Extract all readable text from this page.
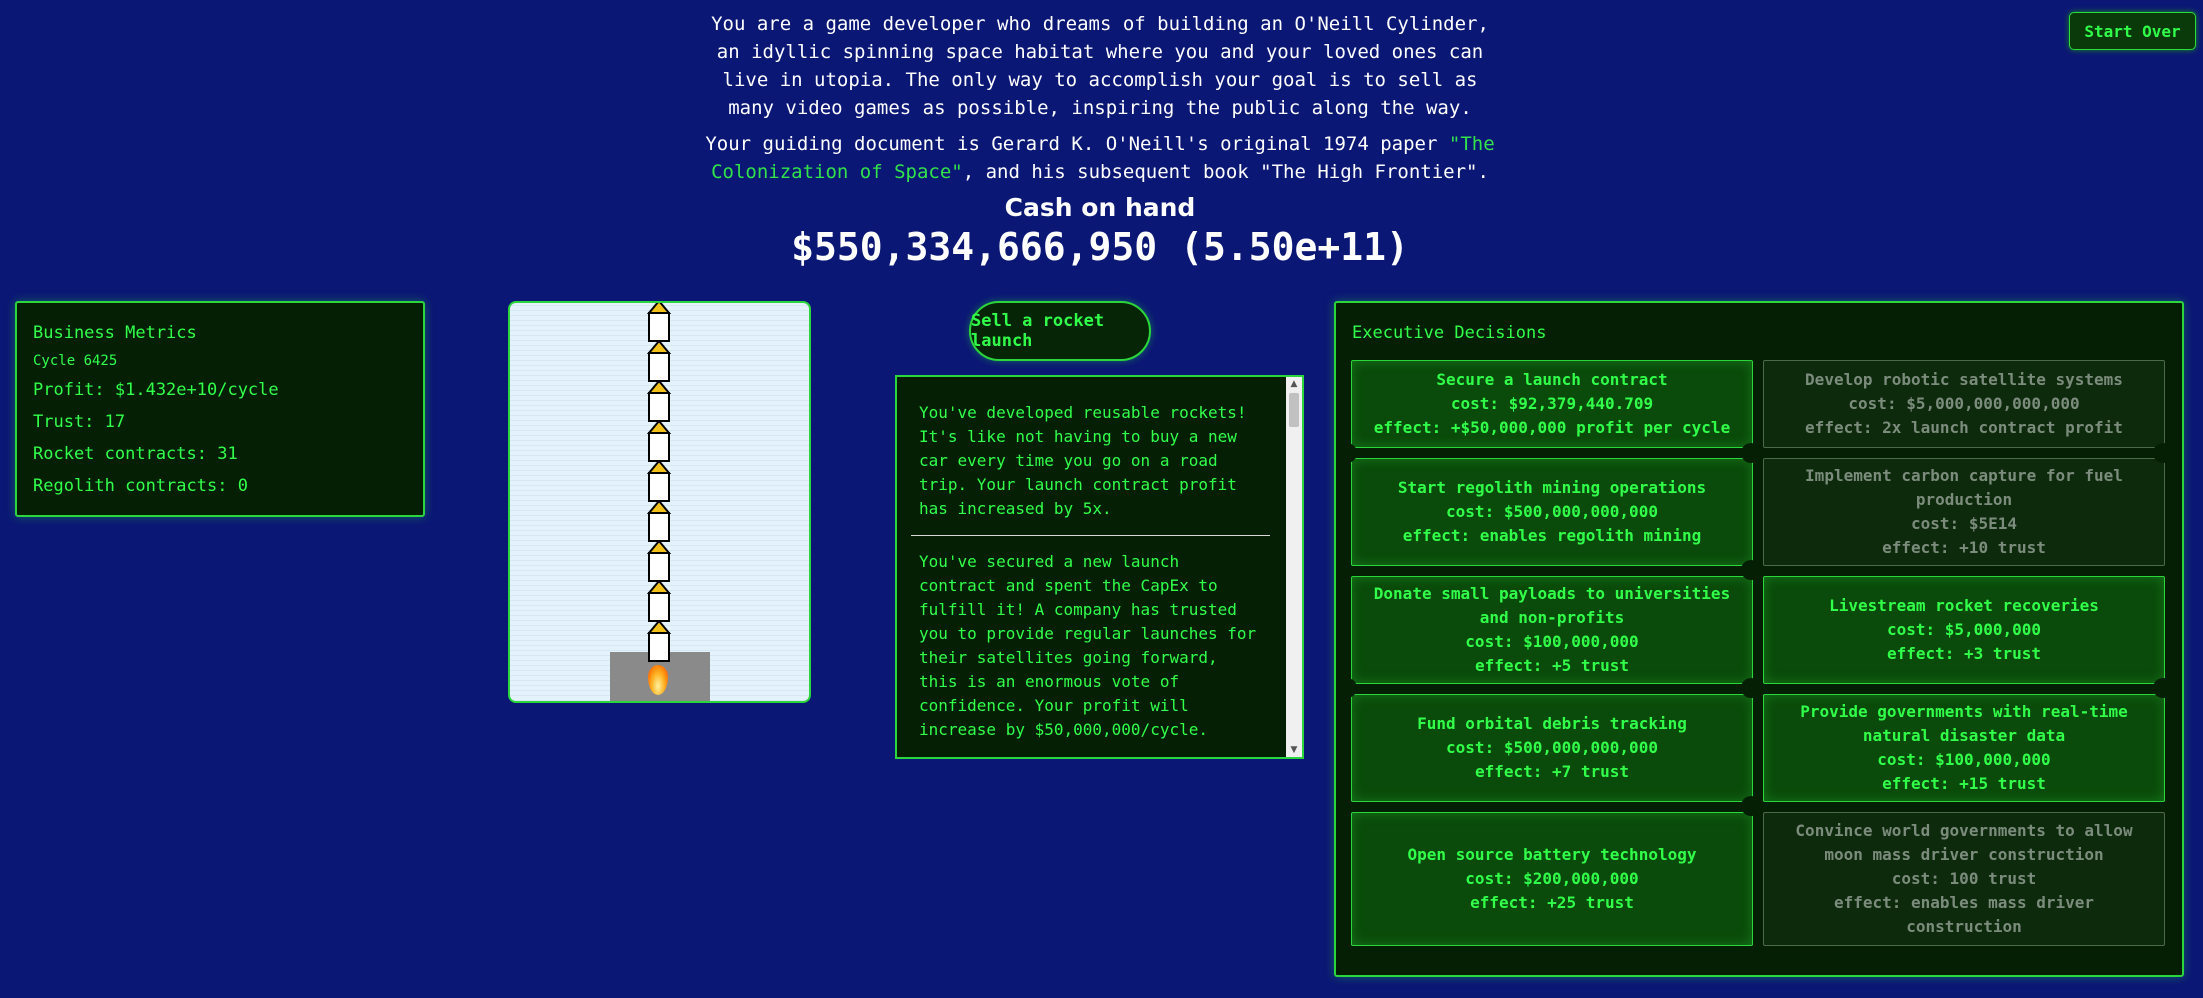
You are a game developer who dreams of building an O'Neill Cylinder, an idyllic spinning space habitat where you and your loved ones can live in utopia. The only way to accomplish your goal is to sell as many video games as possible, inspiring the public along the way.

Your guiding document is Gerard K. O'Neill's original 1974 paper "The Colonization of Space", and his subsequent book "The High Frontier".

Start Over
Cash on hand
$550,334,666,950 (5.50e+11)
Business Metrics
Cycle 6425
Profit: $1.432e+10/cycle
Trust: 17
Rocket contracts: 31
Regolith contracts: 0
Sell a rocket launch

You've developed reusable rockets! It's like not having to buy a new car every time you go on a road trip. Your launch contract profit has increased by 5x.

You've secured a new launch contract and spent the CapEx to fulfill it! A company has trusted you to provide regular launches for their satellites going forward, this is an enormous vote of confidence. Your profit will increase by $50,000,000/cycle.

▲
▼
Executive Decisions
Secure a launch contract
cost: $92,379,440.709
effect: +$50,000,000 profit per cycle
Develop robotic satellite systems
cost: $5,000,000,000,000
effect: 2x launch contract profit
Start regolith mining operations
cost: $500,000,000,000
effect: enables regolith mining
Implement carbon capture for fuel production
cost: $5E14
effect: +10 trust
Donate small payloads to universities and non-profits
cost: $100,000,000
effect: +5 trust
Livestream rocket recoveries
cost: $5,000,000
effect: +3 trust
Fund orbital debris tracking
cost: $500,000,000,000
effect: +7 trust
Provide governments with real-time natural disaster data
cost: $100,000,000
effect: +15 trust
Open source battery technology
cost: $200,000,000
effect: +25 trust
Convince world governments to allow moon mass driver construction
cost: 100 trust
effect: enables mass driver construction
